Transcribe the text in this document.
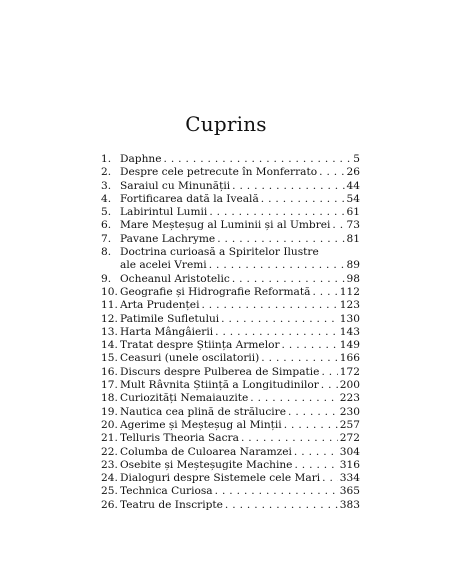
Cuprins
1. Daphne . . .	5
2. Despre cele petrecute în Monferrato . . .	26
3. Saraiul cu Minunății . . .	44
4. Fortificarea dată la Iveală . . .	54
5. Labirintul Lumii . . .	61
6. Mare Meșteșug al Luminii și al Umbrei . . .	73
7. Pavane Lachryme . . .	81
8. Doctrina curioasă a Spiritelor Ilustre
ale acelei Vremi . . .	89
9. Ocheanul Aristotelic . . .	98
10. Geografie și Hidrografie Reformată . . .	112
11. Arta Prudenței . . .	123
12. Patimile Sufletului . . .	130
13. Harta Mângâierii . . .	143
14. Tratat despre Știința Armelor . . .	149
15. Ceasuri (unele oscilatorii) . . .	166
16. Discurs despre Pulberea de Simpatie . . .	172
17. Mult Râvnita Știință a Longitudinilor . . .	200
18. Curiozități Nemaiauzite . . .	223
19. Nautica cea plină de strălucire . . .	230
20. Agerime și Meșteșug al Minții . . .	257
21. Telluris Theoria Sacra . . .	272
22. Columba de Culoarea Naramzei . . .	304
23. Osebite și Meșteșugite Machine . . .	316
24. Dialoguri despre Sistemele cele Mari . . .	334
25. Technica Curiosa . . .	365
26. Teatru de Inscripte . . .	383
